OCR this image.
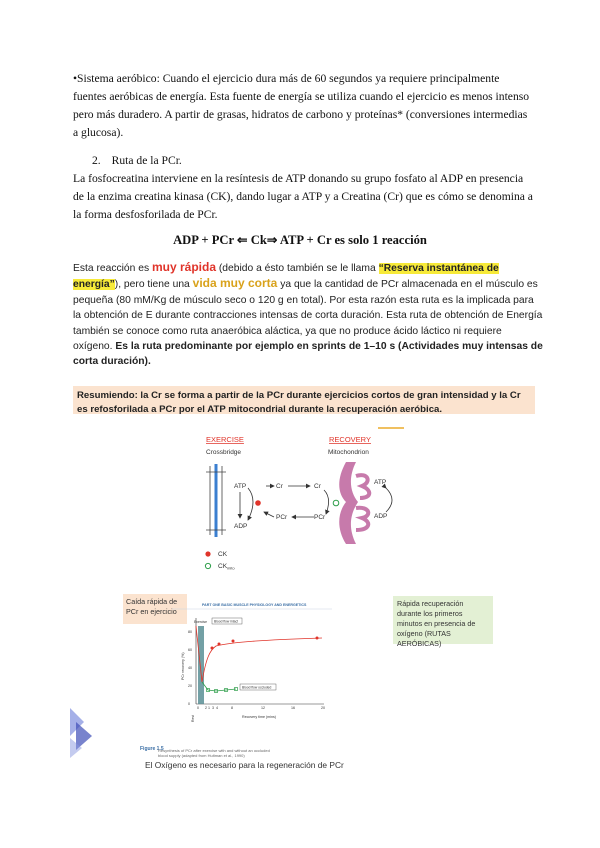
•Sistema aeróbico: Cuando el ejercicio dura más de 60 segundos ya requiere principalmente fuentes aeróbicas de energía. Esta fuente de energía se utiliza cuando el ejercicio es menos intenso pero más duradero. A partir de grasas, hidratos de carbono y proteínas* (conversiones intermedias a glucosa).
2. Ruta de la PCr.
La fosfocreatina interviene en la resíntesis de ATP donando su grupo fosfato al ADP en presencia de la enzima creatina kinasa (CK), dando lugar a ATP y a Creatina (Cr) que es cómo se denomina a la forma desfosforilada de PCr.
ADP + PCr ⇐ Ck⇒ ATP + Cr es solo 1 reacción
Esta reacción es muy rápida (debido a ésto también se le llama “Reserva instantánea de energía”), pero tiene una vida muy corta ya que la cantidad de PCr almacenada en el músculo es pequeña (80 mM/Kg de músculo seco o 120 g en total). Por esta razón esta ruta es la implicada para la obtención de E durante contracciones intensas de corta duración. Esta ruta de obtención de Energía también se conoce como ruta anaeróbica aláctica, ya que no produce ácido láctico ni requiere oxígeno. Es la ruta predominante por ejemplo en sprints de 1–10 s (Actividades muy intensas de corta duración).
Resumiendo: la Cr se forma a partir de la PCr durante ejercicios cortos de gran intensidad y la Cr es refosforilada a PCr por el ATP mitocondrial durante la recuperación aeróbica.
EXERCISE	RECOVERY
Crossbridge	Mitochondrion
ATP
ADP
Cr
PCr
Cr
PCr
ATP
ADP
CK
$CK_{mito}$
Caída rápida de PCr en ejercicio
Rápida recuperación durante los primeros minutos en presencia de oxígeno (RUTAS AERÓBICAS)
PART ONE BASIC MUSCLE PHYSIOLOGY AND ENERGETICS
80
60
40
20
0
0 2 1 3 4	8	12	16	20
Exercise Blood flow intact
Blood flow occluded
PCr recovery (%)
Recovery time (mins)
Rest
Figure 1.5
Resynthesis of PCr after exercise with and without an occluded blood supply (adapted from Hultman et al., 1990)
El Oxígeno es necesario para la regeneración de PCr
